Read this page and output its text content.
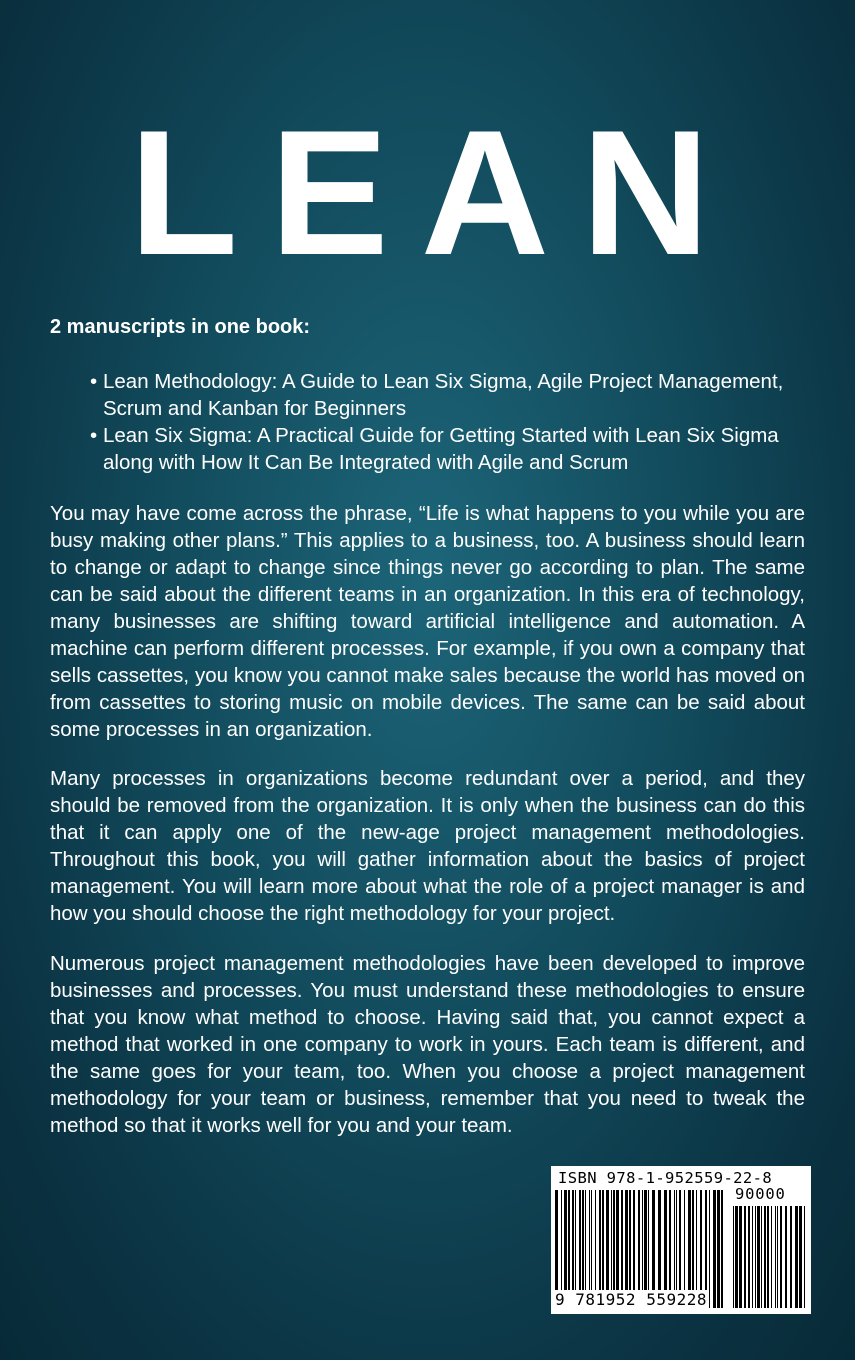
LEAN
2 manuscripts in one book:
• Lean Methodology: A Guide to Lean Six Sigma, Agile Project Management, Scrum and Kanban for Beginners
• Lean Six Sigma: A Practical Guide for Getting Started with Lean Six Sigma along with How It Can Be Integrated with Agile and Scrum

You may have come across the phrase, “Life is what happens to you while you are busy making other plans.” This applies to a business, too. A business should learn to change or adapt to change since things never go according to plan. The same can be said about the different teams in an organization. In this era of technology, many businesses are shifting toward artificial intelligence and automation. A machine can perform different processes. For example, if you own a company that sells cassettes, you know you cannot make sales because the world has moved on from cassettes to storing music on mobile devices. The same can be said about some processes in an organization.

Many processes in organizations become redundant over a period, and they should be removed from the organization. It is only when the business can do this that it can apply one of the new-age project management methodologies. Throughout this book, you will gather information about the basics of project management. You will learn more about what the role of a project manager is and how you should choose the right methodology for your project.

Numerous project management methodologies have been developed to improve businesses and processes. You must understand these methodologies to ensure that you know what method to choose. Having said that, you cannot expect a method that worked in one company to work in yours. Each team is different, and the same goes for your team, too. When you choose a project management methodology for your team or business, remember that you need to tweak the method so that it works well for you and your team.

ISBN 978-1-952559-22-8
90000
9 781952 559228
